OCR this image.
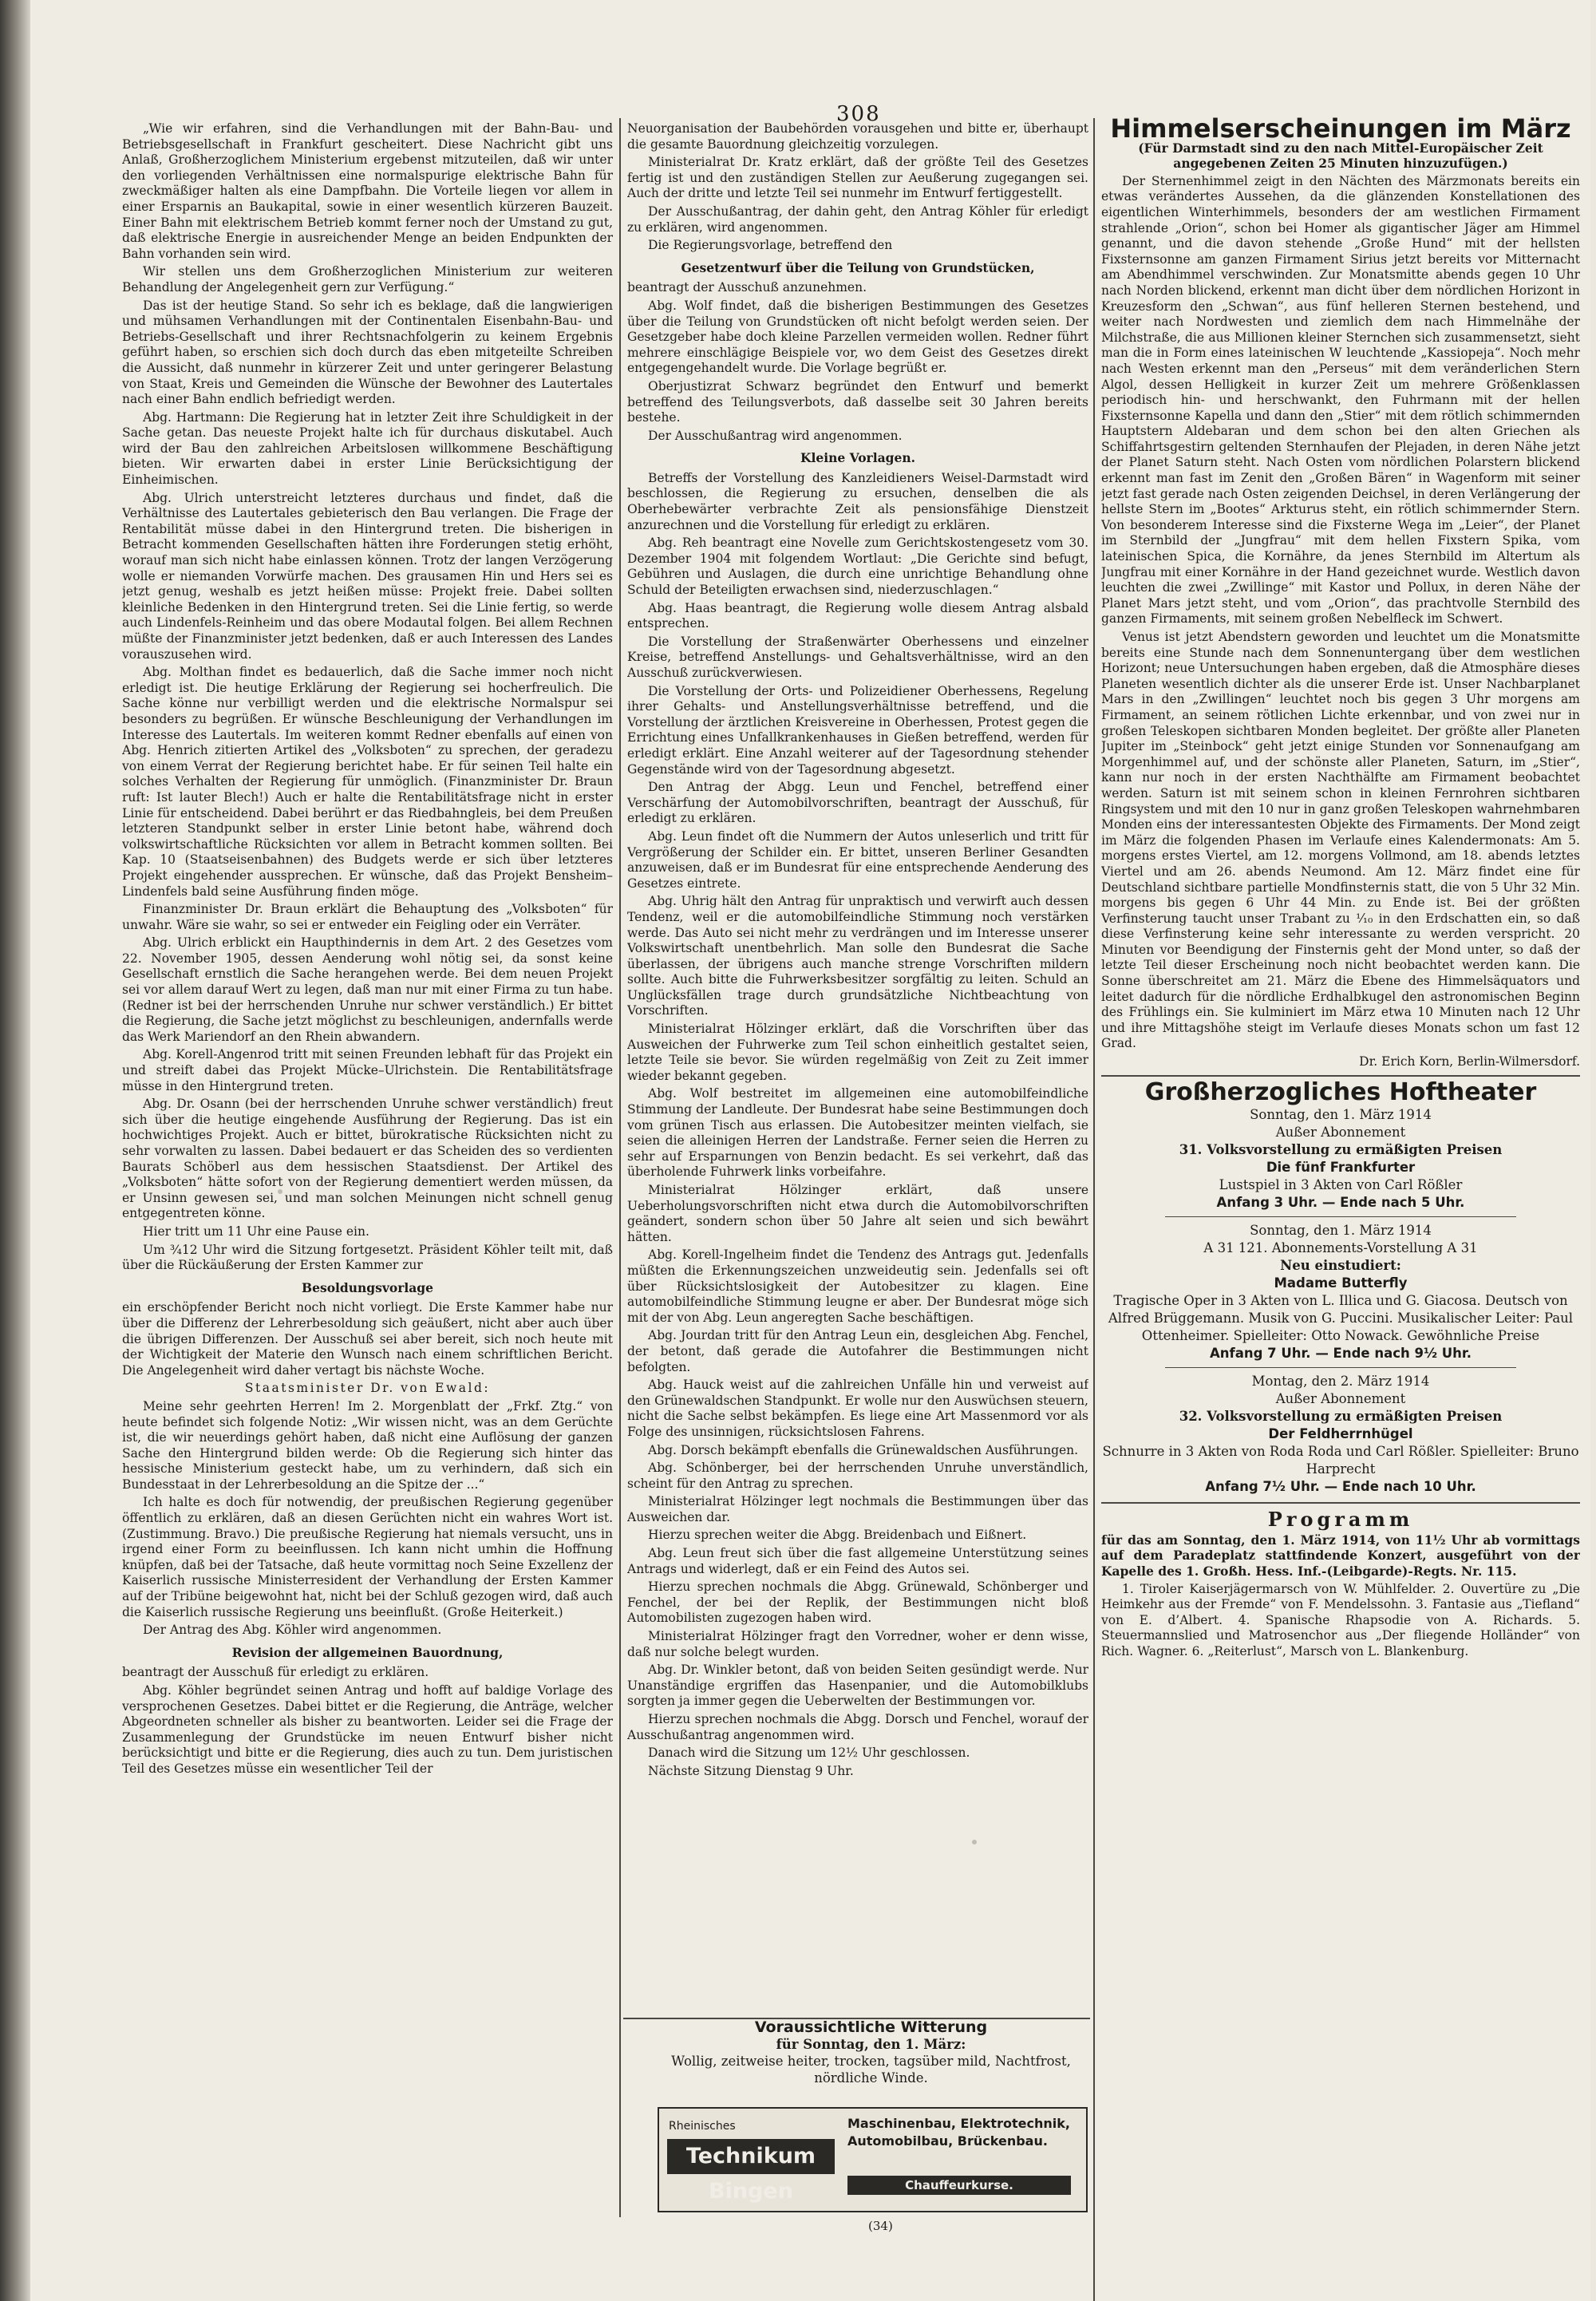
308

„Wie wir erfahren, sind die Verhandlungen mit der Bahn-Bau- und Betriebsgesellschaft in Frankfurt gescheitert. Diese Nachricht gibt uns Anlaß, Großherzoglichem Ministerium ergebenst mitzuteilen, daß wir unter den vorliegenden Verhältnissen eine normalspurige elektrische Bahn für zweckmäßiger halten als eine Dampfbahn. Die Vorteile liegen vor allem in einer Ersparnis an Baukapital, sowie in einer wesentlich kürzeren Bauzeit. Einer Bahn mit elektrischem Betrieb kommt ferner noch der Umstand zu gut, daß elektrische Energie in ausreichender Menge an beiden Endpunkten der Bahn vorhanden sein wird.

Wir stellen uns dem Großherzoglichen Ministerium zur weiteren Behandlung der Angelegenheit gern zur Verfügung.“

Das ist der heutige Stand. So sehr ich es beklage, daß die langwierigen und mühsamen Verhandlungen mit der Continentalen Eisenbahn-Bau- und Betriebs-Gesellschaft und ihrer Rechtsnachfolgerin zu keinem Ergebnis geführt haben, so erschien sich doch durch das eben mitgeteilte Schreiben die Aussicht, daß nunmehr in kürzerer Zeit und unter geringerer Belastung von Staat, Kreis und Gemeinden die Wünsche der Bewohner des Lautertales nach einer Bahn endlich befriedigt werden.

Abg. Hartmann: Die Regierung hat in letzter Zeit ihre Schuldigkeit in der Sache getan. Das neueste Projekt halte ich für durchaus diskutabel. Auch wird der Bau den zahlreichen Arbeitslosen willkommene Beschäftigung bieten. Wir erwarten dabei in erster Linie Berücksichtigung der Einheimischen.

Abg. Ulrich unterstreicht letzteres durchaus und findet, daß die Verhältnisse des Lautertales gebieterisch den Bau verlangen. Die Frage der Rentabilität müsse dabei in den Hintergrund treten. Die bisherigen in Betracht kommenden Gesellschaften hätten ihre Forderungen stetig erhöht, worauf man sich nicht habe einlassen können. Trotz der langen Verzögerung wolle er niemanden Vorwürfe machen. Des grausamen Hin und Hers sei es jetzt genug, weshalb es jetzt heißen müsse: Projekt freie. Dabei sollten kleinliche Bedenken in den Hintergrund treten. Sei die Linie fertig, so werde auch Lindenfels-Reinheim und das obere Modautal folgen. Bei allem Rechnen müßte der Finanzminister jetzt bedenken, daß er auch Interessen des Landes vorauszusehen wird.

Abg. Molthan findet es bedauerlich, daß die Sache immer noch nicht erledigt ist. Die heutige Erklärung der Regierung sei hocherfreulich. Die Sache könne nur verbilligt werden und die elektrische Normalspur sei besonders zu begrüßen. Er wünsche Beschleunigung der Verhandlungen im Interesse des Lautertals. Im weiteren kommt Redner ebenfalls auf einen von Abg. Henrich zitierten Artikel des „Volksboten“ zu sprechen, der geradezu von einem Verrat der Regierung berichtet habe. Er für seinen Teil halte ein solches Verhalten der Regierung für unmöglich. (Finanzminister Dr. Braun ruft: Ist lauter Blech!) Auch er halte die Rentabilitätsfrage nicht in erster Linie für entscheidend. Dabei berührt er das Riedbahngleis, bei dem Preußen letzteren Standpunkt selber in erster Linie betont habe, während doch volkswirtschaftliche Rücksichten vor allem in Betracht kommen sollten. Bei Kap. 10 (Staatseisenbahnen) des Budgets werde er sich über letzteres Projekt eingehender aussprechen. Er wünsche, daß das Projekt Bensheim–Lindenfels bald seine Ausführung finden möge.

Finanzminister Dr. Braun erklärt die Behauptung des „Volksboten“ für unwahr. Wäre sie wahr, so sei er entweder ein Feigling oder ein Verräter.

Abg. Ulrich erblickt ein Haupthindernis in dem Art. 2 des Gesetzes vom 22. November 1905, dessen Aenderung wohl nötig sei, da sonst keine Gesellschaft ernstlich die Sache herangehen werde. Bei dem neuen Projekt sei vor allem darauf Wert zu legen, daß man nur mit einer Firma zu tun habe. (Redner ist bei der herrschenden Unruhe nur schwer verständlich.) Er bittet die Regierung, die Sache jetzt möglichst zu beschleunigen, andernfalls werde das Werk Mariendorf an den Rhein abwandern.

Abg. Korell-Angenrod tritt mit seinen Freunden lebhaft für das Projekt ein und streift dabei das Projekt Mücke–Ulrichstein. Die Rentabilitätsfrage müsse in den Hintergrund treten.

Abg. Dr. Osann (bei der herrschenden Unruhe schwer verständlich) freut sich über die heutige eingehende Ausführung der Regierung. Das ist ein hochwichtiges Projekt. Auch er bittet, bürokratische Rücksichten nicht zu sehr vorwalten zu lassen. Dabei bedauert er das Scheiden des so verdienten Baurats Schöberl aus dem hessischen Staatsdienst. Der Artikel des „Volksboten“ hätte sofort von der Regierung dementiert werden müssen, da er Unsinn gewesen sei, und man solchen Meinungen nicht schnell genug entgegentreten könne.

Hier tritt um 11 Uhr eine Pause ein.

Um ¾12 Uhr wird die Sitzung fortgesetzt. Präsident Köhler teilt mit, daß über die Rückäußerung der Ersten Kammer zur

Besoldungsvorlage

ein erschöpfender Bericht noch nicht vorliegt. Die Erste Kammer habe nur über die Differenz der Lehrerbesoldung sich geäußert, nicht aber auch über die übrigen Differenzen. Der Ausschuß sei aber bereit, sich noch heute mit der Wichtigkeit der Materie den Wunsch nach einem schriftlichen Bericht. Die Angelegenheit wird daher vertagt bis nächste Woche.

Staatsminister Dr. von Ewald:

Meine sehr geehrten Herren! Im 2. Morgenblatt der „Frkf. Ztg.“ von heute befindet sich folgende Notiz: „Wir wissen nicht, was an dem Gerüchte ist, die wir neuerdings gehört haben, daß nicht eine Auflösung der ganzen Sache den Hintergrund bilden werde: Ob die Regierung sich hinter das hessische Ministerium gesteckt habe, um zu verhindern, daß sich ein Bundesstaat in der Lehrerbesoldung an die Spitze der ...“

Ich halte es doch für notwendig, der preußischen Regierung gegenüber öffentlich zu erklären, daß an diesen Gerüchten nicht ein wahres Wort ist. (Zustimmung. Bravo.) Die preußische Regierung hat niemals versucht, uns in irgend einer Form zu beeinflussen. Ich kann nicht umhin die Hoffnung knüpfen, daß bei der Tatsache, daß heute vormittag noch Seine Exzellenz der Kaiserlich russische Ministerresident der Verhandlung der Ersten Kammer auf der Tribüne beigewohnt hat, nicht bei der Schluß gezogen wird, daß auch die Kaiserlich russische Regierung uns beeinflußt. (Große Heiterkeit.)

Der Antrag des Abg. Köhler wird angenommen.

Revision der allgemeinen Bauordnung,

beantragt der Ausschuß für erledigt zu erklären.

Abg. Köhler begründet seinen Antrag und hofft auf baldige Vorlage des versprochenen Gesetzes. Dabei bittet er die Regierung, die Anträge, welcher Abgeordneten schneller als bisher zu beantworten. Leider sei die Frage der Zusammenlegung der Grundstücke im neuen Entwurf bisher nicht berücksichtigt und bitte er die Regierung, dies auch zu tun. Dem juristischen Teil des Gesetzes müsse ein wesentlicher Teil der

Neuorganisation der Baubehörden vorausgehen und bitte er, überhaupt die gesamte Bauordnung gleichzeitig vorzulegen.

Ministerialrat Dr. Kratz erklärt, daß der größte Teil des Gesetzes fertig ist und den zuständigen Stellen zur Aeußerung zugegangen sei. Auch der dritte und letzte Teil sei nunmehr im Entwurf fertiggestellt.

Der Ausschußantrag, der dahin geht, den Antrag Köhler für erledigt zu erklären, wird angenommen.

Die Regierungsvorlage, betreffend den

Gesetzentwurf über die Teilung von Grundstücken,

beantragt der Ausschuß anzunehmen.

Abg. Wolf findet, daß die bisherigen Bestimmungen des Gesetzes über die Teilung von Grundstücken oft nicht befolgt werden seien. Der Gesetzgeber habe doch kleine Parzellen vermeiden wollen. Redner führt mehrere einschlägige Beispiele vor, wo dem Geist des Gesetzes direkt entgegengehandelt wurde. Die Vorlage begrüßt er.

Oberjustizrat Schwarz begründet den Entwurf und bemerkt betreffend des Teilungsverbots, daß dasselbe seit 30 Jahren bereits bestehe.

Der Ausschußantrag wird angenommen.

Kleine Vorlagen.

Betreffs der Vorstellung des Kanzleidieners Weisel-Darmstadt wird beschlossen, die Regierung zu ersuchen, denselben die als Oberhebewärter verbrachte Zeit als pensionsfähige Dienstzeit anzurechnen und die Vorstellung für erledigt zu erklären.

Abg. Reh beantragt eine Novelle zum Gerichtskostengesetz vom 30. Dezember 1904 mit folgendem Wortlaut: „Die Gerichte sind befugt, Gebühren und Auslagen, die durch eine unrichtige Behandlung ohne Schuld der Beteiligten erwachsen sind, niederzuschlagen.“

Abg. Haas beantragt, die Regierung wolle diesem Antrag alsbald entsprechen.

Die Vorstellung der Straßenwärter Oberhessens und einzelner Kreise, betreffend Anstellungs- und Gehaltsverhältnisse, wird an den Ausschuß zurückverwiesen.

Die Vorstellung der Orts- und Polizeidiener Oberhessens, Regelung ihrer Gehalts- und Anstellungsverhältnisse betreffend, und die Vorstellung der ärztlichen Kreisvereine in Oberhessen, Protest gegen die Errichtung eines Unfallkrankenhauses in Gießen betreffend, werden für erledigt erklärt. Eine Anzahl weiterer auf der Tagesordnung stehender Gegenstände wird von der Tagesordnung abgesetzt.

Den Antrag der Abgg. Leun und Fenchel, betreffend einer Verschärfung der Automobilvorschriften, beantragt der Ausschuß, für erledigt zu erklären.

Abg. Leun findet oft die Nummern der Autos unleserlich und tritt für Vergrößerung der Schilder ein. Er bittet, unseren Berliner Gesandten anzuweisen, daß er im Bundesrat für eine entsprechende Aenderung des Gesetzes eintrete.

Abg. Uhrig hält den Antrag für unpraktisch und verwirft auch dessen Tendenz, weil er die automobilfeindliche Stimmung noch verstärken werde. Das Auto sei nicht mehr zu verdrängen und im Interesse unserer Volkswirtschaft unentbehrlich. Man solle den Bundesrat die Sache überlassen, der übrigens auch manche strenge Vorschriften mildern sollte. Auch bitte die Fuhrwerksbesitzer sorgfältig zu leiten. Schuld an Unglücksfällen trage durch grundsätzliche Nichtbeachtung von Vorschriften.

Ministerialrat Hölzinger erklärt, daß die Vorschriften über das Ausweichen der Fuhrwerke zum Teil schon einheitlich gestaltet seien, letzte Teile sie bevor. Sie würden regelmäßig von Zeit zu Zeit immer wieder bekannt gegeben.

Abg. Wolf bestreitet im allgemeinen eine automobilfeindliche Stimmung der Landleute. Der Bundesrat habe seine Bestimmungen doch vom grünen Tisch aus erlassen. Die Autobesitzer meinten vielfach, sie seien die alleinigen Herren der Landstraße. Ferner seien die Herren zu sehr auf Ersparnungen von Benzin bedacht. Es sei verkehrt, daß das überholende Fuhrwerk links vorbeifahre.

Ministerialrat Hölzinger erklärt, daß unsere Ueberholungsvorschriften nicht etwa durch die Automobilvorschriften geändert, sondern schon über 50 Jahre alt seien und sich bewährt hätten.

Abg. Korell-Ingelheim findet die Tendenz des Antrags gut. Jedenfalls müßten die Erkennungszeichen unzweideutig sein. Jedenfalls sei oft über Rücksichtslosigkeit der Autobesitzer zu klagen. Eine automobilfeindliche Stimmung leugne er aber. Der Bundesrat möge sich mit der von Abg. Leun angeregten Sache beschäftigen.

Abg. Jourdan tritt für den Antrag Leun ein, desgleichen Abg. Fenchel, der betont, daß gerade die Autofahrer die Bestimmungen nicht befolgten.

Abg. Hauck weist auf die zahlreichen Unfälle hin und verweist auf den Grünewaldschen Standpunkt. Er wolle nur den Auswüchsen steuern, nicht die Sache selbst bekämpfen. Es liege eine Art Massenmord vor als Folge des unsinnigen, rücksichtslosen Fahrens.

Abg. Dorsch bekämpft ebenfalls die Grünewaldschen Ausführungen.

Abg. Schönberger, bei der herrschenden Unruhe unverständlich, scheint für den Antrag zu sprechen.

Ministerialrat Hölzinger legt nochmals die Bestimmungen über das Ausweichen dar.

Hierzu sprechen weiter die Abgg. Breidenbach und Eißnert.

Abg. Leun freut sich über die fast allgemeine Unterstützung seines Antrags und widerlegt, daß er ein Feind des Autos sei.

Hierzu sprechen nochmals die Abgg. Grünewald, Schönberger und Fenchel, der bei der Replik, der Bestimmungen nicht bloß Automobilisten zugezogen haben wird.

Ministerialrat Hölzinger fragt den Vorredner, woher er denn wisse, daß nur solche belegt wurden.

Abg. Dr. Winkler betont, daß von beiden Seiten gesündigt werde. Nur Unanständige ergriffen das Hasenpanier, und die Automobilklubs sorgten ja immer gegen die Ueberwelten der Bestimmungen vor.

Hierzu sprechen nochmals die Abgg. Dorsch und Fenchel, worauf der Ausschußantrag angenommen wird.

Danach wird die Sitzung um 12½ Uhr geschlossen.

Nächste Sitzung Dienstag 9 Uhr.

Voraussichtliche Witterung
für Sonntag, den 1. März:
Wollig, zeitweise heiter, trocken, tagsüber mild, Nachtfrost, nördliche Winde.
Rheinisches
Technikum Bingen
Maschinenbau, Elektrotechnik, Automobilbau, Brückenbau.
Chauffeurkurse.
(34)
Himmelserscheinungen im März

(Für Darmstadt sind zu den nach Mittel-Europäischer Zeit angegebenen Zeiten 25 Minuten hinzuzufügen.)

Der Sternenhimmel zeigt in den Nächten des Märzmonats bereits ein etwas verändertes Aussehen, da die glänzenden Konstellationen des eigentlichen Winterhimmels, besonders der am westlichen Firmament strahlende „Orion“, schon bei Homer als gigantischer Jäger am Himmel genannt, und die davon stehende „Große Hund“ mit der hellsten Fixsternsonne am ganzen Firmament Sirius jetzt bereits vor Mitternacht am Abendhimmel verschwinden. Zur Monatsmitte abends gegen 10 Uhr nach Norden blickend, erkennt man dicht über dem nördlichen Horizont in Kreuzesform den „Schwan“, aus fünf helleren Sternen bestehend, und weiter nach Nordwesten und ziemlich dem nach Himmelnähe der Milchstraße, die aus Millionen kleiner Sternchen sich zusammensetzt, sieht man die in Form eines lateinischen W leuchtende „Kassiopeja“. Noch mehr nach Westen erkennt man den „Perseus“ mit dem veränderlichen Stern Algol, dessen Helligkeit in kurzer Zeit um mehrere Größenklassen periodisch hin- und herschwankt, den Fuhrmann mit der hellen Fixsternsonne Kapella und dann den „Stier“ mit dem rötlich schimmernden Hauptstern Aldebaran und dem schon bei den alten Griechen als Schiffahrtsgestirn geltenden Sternhaufen der Plejaden, in deren Nähe jetzt der Planet Saturn steht. Nach Osten vom nördlichen Polarstern blickend erkennt man fast im Zenit den „Großen Bären“ in Wagenform mit seiner jetzt fast gerade nach Osten zeigenden Deichsel, in deren Verlängerung der hellste Stern im „Bootes“ Arkturus steht, ein rötlich schimmernder Stern. Von besonderem Interesse sind die Fixsterne Wega im „Leier“, der Planet im Sternbild der „Jungfrau“ mit dem hellen Fixstern Spika, vom lateinischen Spica, die Kornähre, da jenes Sternbild im Altertum als Jungfrau mit einer Kornähre in der Hand gezeichnet wurde. Westlich davon leuchten die zwei „Zwillinge“ mit Kastor und Pollux, in deren Nähe der Planet Mars jetzt steht, und vom „Orion“, das prachtvolle Sternbild des ganzen Firmaments, mit seinem großen Nebelfleck im Schwert.

Venus ist jetzt Abendstern geworden und leuchtet um die Monatsmitte bereits eine Stunde nach dem Sonnenuntergang über dem westlichen Horizont; neue Untersuchungen haben ergeben, daß die Atmosphäre dieses Planeten wesentlich dichter als die unserer Erde ist. Unser Nachbarplanet Mars in den „Zwillingen“ leuchtet noch bis gegen 3 Uhr morgens am Firmament, an seinem rötlichen Lichte erkennbar, und von zwei nur in großen Teleskopen sichtbaren Monden begleitet. Der größte aller Planeten Jupiter im „Steinbock“ geht jetzt einige Stunden vor Sonnenaufgang am Morgenhimmel auf, und der schönste aller Planeten, Saturn, im „Stier“, kann nur noch in der ersten Nachthälfte am Firmament beobachtet werden. Saturn ist mit seinem schon in kleinen Fernrohren sichtbaren Ringsystem und mit den 10 nur in ganz großen Teleskopen wahrnehmbaren Monden eins der interessantesten Objekte des Firmaments. Der Mond zeigt im März die folgenden Phasen im Verlaufe eines Kalendermonats: Am 5. morgens erstes Viertel, am 12. morgens Vollmond, am 18. abends letztes Viertel und am 26. abends Neumond. Am 12. März findet eine für Deutschland sichtbare partielle Mondfinsternis statt, die von 5 Uhr 32 Min. morgens bis gegen 6 Uhr 44 Min. zu Ende ist. Bei der größten Verfinsterung taucht unser Trabant zu ⅟₁₀ in den Erdschatten ein, so daß diese Verfinsterung keine sehr interessante zu werden verspricht. 20 Minuten vor Beendigung der Finsternis geht der Mond unter, so daß der letzte Teil dieser Erscheinung noch nicht beobachtet werden kann. Die Sonne überschreitet am 21. März die Ebene des Himmelsäquators und leitet dadurch für die nördliche Erdhalbkugel den astronomischen Beginn des Frühlings ein. Sie kulminiert im März etwa 10 Minuten nach 12 Uhr und ihre Mittagshöhe steigt im Verlaufe dieses Monats schon um fast 12 Grad.

Dr. Erich Korn, Berlin-Wilmersdorf.

Großherzogliches Hoftheater
Sonntag, den 1. März 1914
Außer Abonnement
31. Volksvorstellung zu ermäßigten Preisen
Die fünf Frankfurter
Lustspiel in 3 Akten von Carl Rößler
Anfang 3 Uhr. — Ende nach 5 Uhr.
Sonntag, den 1. März 1914
A 31 121. Abonnements-Vorstellung A 31
Neu einstudiert:
Madame Butterfly
Tragische Oper in 3 Akten von L. Illica und G. Giacosa. Deutsch von Alfred Brüggemann. Musik von G. Puccini. Musikalischer Leiter: Paul Ottenheimer. Spielleiter: Otto Nowack. Gewöhnliche Preise
Anfang 7 Uhr. — Ende nach 9½ Uhr.
Montag, den 2. März 1914
Außer Abonnement
32. Volksvorstellung zu ermäßigten Preisen
Der Feldherrnhügel
Schnurre in 3 Akten von Roda Roda und Carl Rößler. Spielleiter: Bruno Harprecht
Anfang 7½ Uhr. — Ende nach 10 Uhr.
Programm

für das am Sonntag, den 1. März 1914, von 11½ Uhr ab vormittags auf dem Paradeplatz stattfindende Konzert, ausgeführt von der Kapelle des 1. Großh. Hess. Inf.-(Leibgarde)-Regts. Nr. 115.

1. Tiroler Kaiserjägermarsch von W. Mühlfelder. 2. Ouvertüre zu „Die Heimkehr aus der Fremde“ von F. Mendelssohn. 3. Fantasie aus „Tiefland“ von E. d’Albert. 4. Spanische Rhapsodie von A. Richards. 5. Steuermannslied und Matrosenchor aus „Der fliegende Holländer“ von Rich. Wagner. 6. „Reiterlust“, Marsch von L. Blankenburg.
